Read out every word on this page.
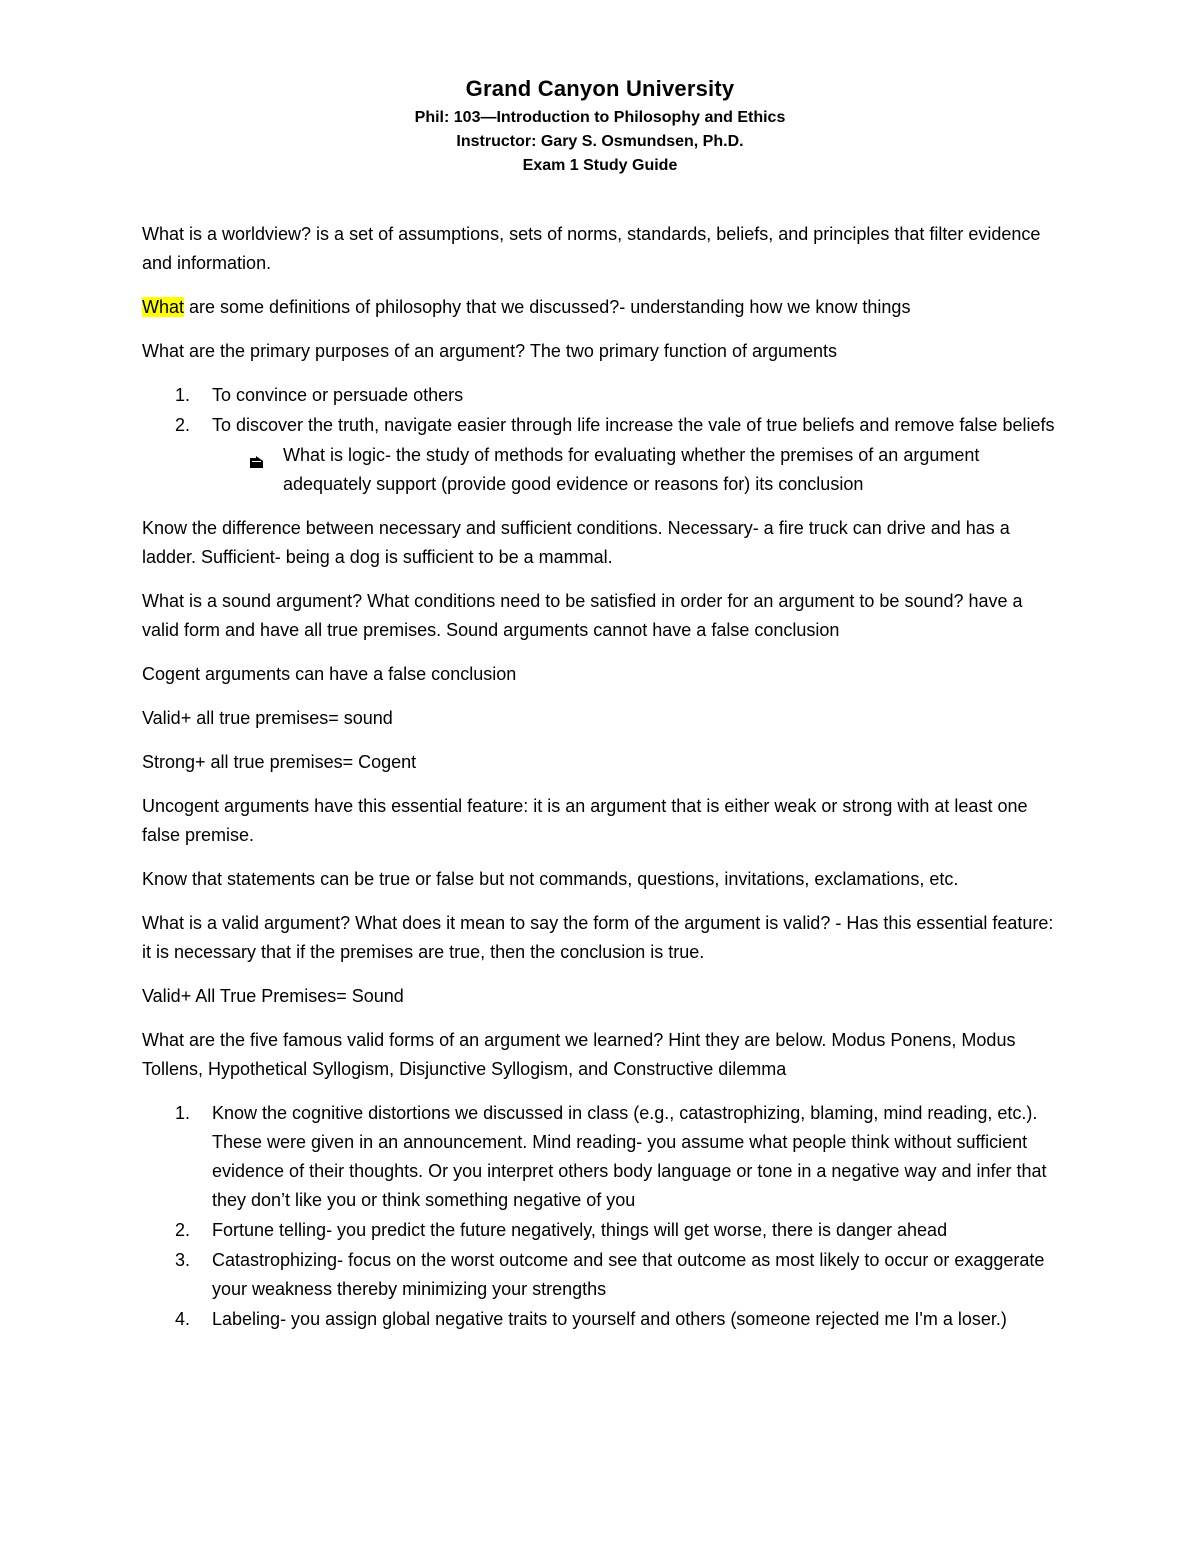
Grand Canyon University
Phil: 103—Introduction to Philosophy and Ethics
Instructor: Gary S. Osmundsen, Ph.D.
Exam 1 Study Guide

What is a worldview? is a set of assumptions, sets of norms, standards, beliefs, and principles that filter evidence and information.

What are some definitions of philosophy that we discussed?- understanding how we know things

What are the primary purposes of an argument? The two primary function of arguments

1. To convince or persuade others
2. To discover the truth, navigate easier through life increase the vale of true beliefs and remove false beliefs
What is logic- the study of methods for evaluating whether the premises of an argument adequately support (provide good evidence or reasons for) its conclusion

Know the difference between necessary and sufficient conditions. Necessary- a fire truck can drive and has a ladder. Sufficient- being a dog is sufficient to be a mammal.

What is a sound argument? What conditions need to be satisfied in order for an argument to be sound? have a valid form and have all true premises. Sound arguments cannot have a false conclusion

Cogent arguments can have a false conclusion

Valid+ all true premises= sound

Strong+ all true premises= Cogent

Uncogent arguments have this essential feature: it is an argument that is either weak or strong with at least one false premise.

Know that statements can be true or false but not commands, questions, invitations, exclamations, etc.

What is a valid argument? What does it mean to say the form of the argument is valid? - Has this essential feature: it is necessary that if the premises are true, then the conclusion is true.

Valid+ All True Premises= Sound

What are the five famous valid forms of an argument we learned? Hint they are below. Modus Ponens, Modus Tollens, Hypothetical Syllogism, Disjunctive Syllogism, and Constructive dilemma

1. Know the cognitive distortions we discussed in class (e.g., catastrophizing, blaming, mind reading, etc.). These were given in an announcement. Mind reading- you assume what people think without sufficient evidence of their thoughts. Or you interpret others body language or tone in a negative way and infer that they don’t like you or think something negative of you
2. Fortune telling- you predict the future negatively, things will get worse, there is danger ahead
3. Catastrophizing- focus on the worst outcome and see that outcome as most likely to occur or exaggerate your weakness thereby minimizing your strengths
4. Labeling- you assign global negative traits to yourself and others (someone rejected me I'm a loser.)
